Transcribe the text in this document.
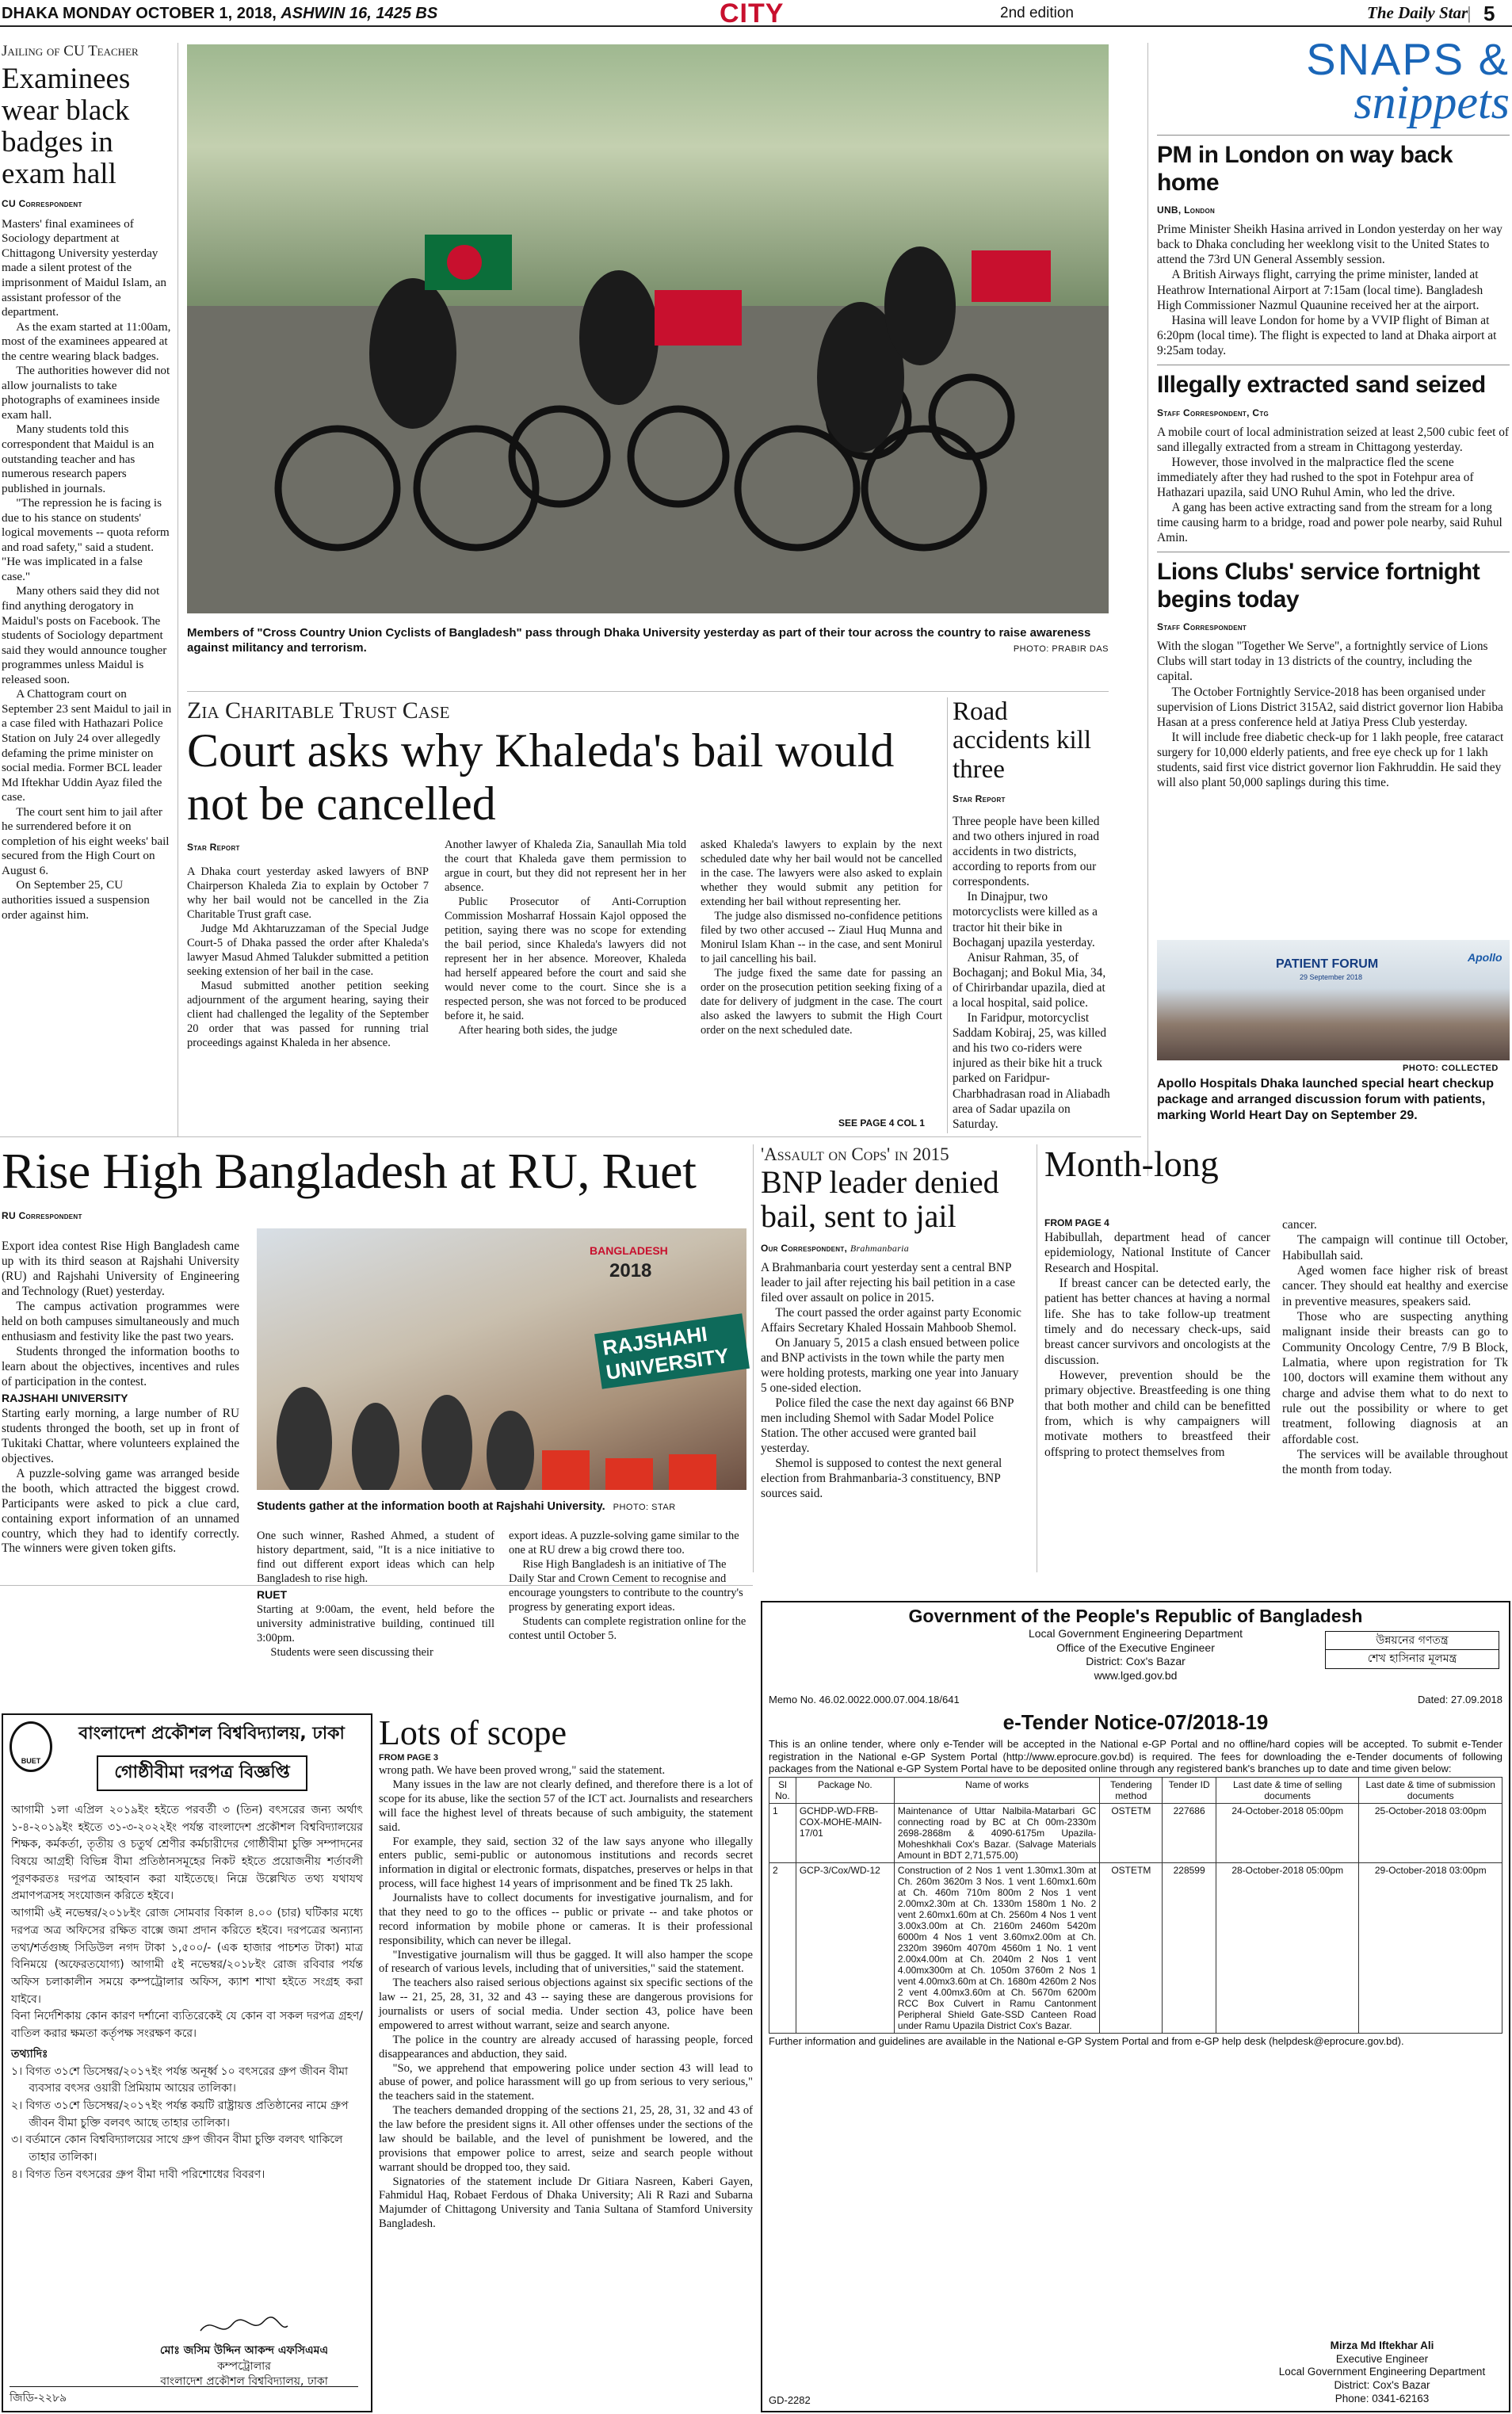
DHAKA MONDAY OCTOBER 1, 2018, ASHWIN 16, 1425 BS	CITY	2nd edition	The Daily Star
| 5
Jailing of CU Teacher
Examinees wear black badges in exam hall
CU Correspondent

Masters' final examinees of Sociology department at Chittagong University yesterday made a silent protest of the imprisonment of Maidul Islam, an assistant professor of the department.

As the exam started at 11:00am, most of the examinees appeared at the centre wearing black badges.

The authorities however did not allow journalists to take photographs of examinees inside exam hall.

Many students told this correspondent that Maidul is an outstanding teacher and has numerous research papers published in journals.

"The repression he is facing is due to his stance on students' logical movements -- quota reform and road safety," said a student. "He was implicated in a false case."

Many others said they did not find anything derogatory in Maidul's posts on Facebook. The students of Sociology department said they would announce tougher programmes unless Maidul is released soon.

A Chattogram court on September 23 sent Maidul to jail in a case filed with Hathazari Police Station on July 24 over allegedly defaming the prime minister on social media. Former BCL leader Md Iftekhar Uddin Ayaz filed the case.

The court sent him to jail after he surrendered before it on completion of his eight weeks' bail secured from the High Court on August 6.

On September 25, CU authorities issued a suspension order against him.

Members of "Cross Country Union Cyclists of Bangladesh" pass through Dhaka University yesterday as part of their tour across the country to raise awareness against militancy and terrorism.	PHOTO: PRABIR DAS
Zia Charitable Trust Case
Court asks why Khaleda's bail would not be cancelled
Star Report

A Dhaka court yesterday asked lawyers of BNP Chairperson Khaleda Zia to explain by October 7 why her bail would not be cancelled in the Zia Charitable Trust graft case.

Judge Md Akhtaruzzaman of the Special Judge Court-5 of Dhaka passed the order after Khaleda's lawyer Masud Ahmed Talukder submitted a petition seeking extension of her bail in the case.

Masud submitted another petition seeking adjournment of the argument hearing, saying their client had challenged the legality of the September 20 order that was passed for running trial proceedings against Khaleda in her absence.

Another lawyer of Khaleda Zia, Sanaullah Mia told the court that Khaleda gave them permission to argue in court, but they did not represent her in her absence.

Public Prosecutor of Anti-Corruption Commission Mosharraf Hossain Kajol opposed the petition, saying there was no scope for extending the bail period, since Khaleda's lawyers did not represent her in her absence. Moreover, Khaleda had herself appeared before the court and said she would never come to the court. Since she is a respected person, she was not forced to be produced before it, he said.

After hearing both sides, the judge

asked Khaleda's lawyers to explain by the next scheduled date why her bail would not be cancelled in the case. The lawyers were also asked to explain whether they would submit any petition for extending her bail without representing her.

The judge also dismissed no-confidence petitions filed by two other accused -- Ziaul Huq Munna and Monirul Islam Khan -- in the case, and sent Monirul to jail cancelling his bail.

The judge fixed the same date for passing an order on the prosecution petition seeking fixing of a date for delivery of judgment in the case. The court also asked the lawyers to submit the High Court order on the next scheduled date.

SEE PAGE 4 COL 1
Road accidents kill three
Star Report

Three people have been killed and two others injured in road accidents in two districts, according to reports from our correspondents.

In Dinajpur, two motorcyclists were killed as a tractor hit their bike in Bochaganj upazila yesterday.

Anisur Rahman, 35, of Bochaganj; and Bokul Mia, 34, of Chirirbandar upazila, died at a local hospital, said police.

In Faridpur, motorcyclist Saddam Kobiraj, 25, was killed and his two co-riders were injured as their bike hit a truck parked on Faridpur-Charbhadrasan road in Aliabadh area of Sadar upazila on Saturday.

SNAPS &
snippets
PM in London on way back home
UNB, London

Prime Minister Sheikh Hasina arrived in London yesterday on her way back to Dhaka concluding her weeklong visit to the United States to attend the 73rd UN General Assembly session.

A British Airways flight, carrying the prime minister, landed at Heathrow International Airport at 7:15am (local time). Bangladesh High Commissioner Nazmul Quaunine received her at the airport.

Hasina will leave London for home by a VVIP flight of Biman at 6:20pm (local time). The flight is expected to land at Dhaka airport at 9:25am today.

Illegally extracted sand seized
Staff Correspondent, Ctg

A mobile court of local administration seized at least 2,500 cubic feet of sand illegally extracted from a stream in Chittagong yesterday.

However, those involved in the malpractice fled the scene immediately after they had rushed to the spot in Fotehpur area of Hathazari upazila, said UNO Ruhul Amin, who led the drive.

A gang has been active extracting sand from the stream for a long time causing harm to a bridge, road and power pole nearby, said Ruhul Amin.

Lions Clubs' service fortnight begins today
Staff Correspondent

With the slogan "Together We Serve", a fortnightly service of Lions Clubs will start today in 13 districts of the country, including the capital.

The October Fortnightly Service-2018 has been organised under supervision of Lions District 315A2, said district governor lion Habiba Hasan at a press conference held at Jatiya Press Club yesterday.

It will include free diabetic check-up for 1 lakh people, free cataract surgery for 10,000 elderly patients, and free eye check up for 1 lakh students, said first vice district governor lion Fakhruddin. He said they will also plant 50,000 saplings during this time.

PATIENT FORUM
29 September 2018
Apollo
PHOTO: COLLECTED
Apollo Hospitals Dhaka launched special heart checkup package and arranged discussion forum with patients, marking World Heart Day on September 29.
Rise High Bangladesh at RU, Ruet
RU Correspondent

Export idea contest Rise High Bangladesh came up with its third season at Rajshahi University (RU) and Rajshahi University of Engineering and Technology (Ruet) yesterday.

The campus activation programmes were held on both campuses simultaneously and much enthusiasm and festivity like the past two years.

Students thronged the information booths to learn about the objectives, incentives and rules of participation in the contest.

RAJSHAHI UNIVERSITY

Starting early morning, a large number of RU students thronged the booth, set up in front of Tukitaki Chattar, where volunteers explained the objectives.

A puzzle-solving game was arranged beside the booth, which attracted the biggest crowd. Participants were asked to pick a clue card, containing export information of an unnamed country, which they had to identify correctly. The winners were given token gifts.

RAJSHAHI UNIVERSITY
BANGLADESH
2018
Students gather at the information booth at Rajshahi University. PHOTO: STAR

One such winner, Rashed Ahmed, a student of history department, said, "It is a nice initiative to find out different export ideas which can help Bangladesh to rise high.

RUET

Starting at 9:00am, the event, held before the university administrative building, continued till 3:00pm.

Students were seen discussing their

export ideas. A puzzle-solving game similar to the one at RU drew a big crowd there too.

Rise High Bangladesh is an initiative of The Daily Star and Crown Cement to recognise and encourage youngsters to contribute to the country's progress by generating export ideas.

Students can complete registration online for the contest until October 5.

'Assault on Cops' in 2015
BNP leader denied bail, sent to jail
Our Correspondent, Brahmanbaria

A Brahmanbaria court yesterday sent a central BNP leader to jail after rejecting his bail petition in a case filed over assault on police in 2015.

The court passed the order against party Economic Affairs Secretary Khaled Hossain Mahboob Shemol.

On January 5, 2015 a clash ensued between police and BNP activists in the town while the party men were holding protests, marking one year into January 5 one-sided election.

Police filed the case the next day against 66 BNP men including Shemol with Sadar Model Police Station. The other accused were granted bail yesterday.

Shemol is supposed to contest the next general election from Brahmanbaria-3 constituency, BNP sources said.

Month-long
FROM PAGE 4

Habibullah, department head of cancer epidemiology, National Institute of Cancer Research and Hospital.

If breast cancer can be detected early, the patient has better chances at having a normal life. She has to take follow-up treatment timely and do necessary check-ups, said breast cancer survivors and oncologists at the discussion.

However, prevention should be the primary objective. Breastfeeding is one thing that both mother and child can be benefitted from, which is why campaigners will motivate mothers to breastfeed their offspring to protect themselves from

cancer.

The campaign will continue till October, Habibullah said.

Aged women face higher risk of breast cancer. They should eat healthy and exercise in preventive measures, speakers said.

Those who are suspecting anything malignant inside their breasts can go to Community Oncology Centre, 7/9 B Block, Lalmatia, where upon registration for Tk 100, doctors will examine them without any charge and advise them what to do next to rule out the possibility or where to get treatment, following diagnosis at an affordable cost.

The services will be available throughout the month from today.

Government of the People's Republic of Bangladesh
Local Government Engineering Department
Office of the Executive Engineer
District: Cox's Bazar
www.lged.gov.bd
উন্নয়নের গণতন্ত্র
শেখ হাসিনার মূলমন্ত্র
Memo No. 46.02.0022.000.07.004.18/641	Dated: 27.09.2018
e-Tender Notice-07/2018-19
This is an online tender, where only e-Tender will be accepted in the National e-GP Portal and no offline/hard copies will be accepted. To submit e-Tender registration in the National e-GP System Portal (http://www.eprocure.gov.bd) is required. The fees for downloading the e-Tender documents of following packages from the National e-GP System Portal have to be deposited online through any registered bank's branches up to date and time given below:
Sl No.	Package No.	Name of works	Tendering method	Tender ID	Last date & time of selling documents	Last date & time of submission documents
1	GCHDP-WD-FRB-COX-MOHE-MAIN-17/01	Maintenance of Uttar Nalbila-Matarbari GC connecting road by BC at Ch 00m-2330m 2698-2868m & 4090-6175m Upazila-Moheshkhali Cox's Bazar. (Salvage Materials Amount in BDT 2,71,575.00)	OSTETM	227686	24-October-2018 05:00pm	25-October-2018 03:00pm
2	GCP-3/Cox/WD-12	Construction of 2 Nos 1 vent 1.30mx1.30m at Ch. 260m 3620m 3 Nos. 1 vent 1.60mx1.60m at Ch. 460m 710m 800m 2 Nos 1 vent 2.00mx2.30m at Ch. 1330m 1580m 1 No. 2 vent 2.60mx1.60m at Ch. 2560m 4 Nos 1 vent 3.00x3.00m at Ch. 2160m 2460m 5420m 6000m 4 Nos 1 vent 3.60mx2.00m at Ch. 2320m 3960m 4070m 4560m 1 No. 1 vent 2.00x4.00m at Ch. 2040m 2 Nos 1 vent 4.00mx300m at Ch. 1050m 3760m 2 Nos 1 vent 4.00mx3.60m at Ch. 1680m 4260m 2 Nos 2 vent 4.00mx3.60m at Ch. 5670m 6200m RCC Box Culvert in Ramu Cantonment Peripheral Shield Gate-SSD Canteen Road under Ramu Upazila District Cox's Bazar.	OSTETM	228599	28-October-2018 05:00pm	29-October-2018 03:00pm
Further information and guidelines are available in the National e-GP System Portal and from e-GP help desk (helpdesk@eprocure.gov.bd).
Mirza Md Iftekhar Ali
Executive Engineer
Local Government Engineering Department
District: Cox's Bazar
Phone: 0341-62163
GD-2282
BUET
বাংলাদেশ প্রকৌশল বিশ্ববিদ্যালয়, ঢাকা
গোষ্ঠীবীমা দরপত্র বিজ্ঞপ্তি

আগামী ১লা এপ্রিল ২০১৯ইং হইতে পরবর্তী ৩ (তিন) বৎসরের জন্য অর্থাৎ ১-৪-২০১৯ইং হইতে ৩১-৩-২০২২ইং পর্যন্ত বাংলাদেশ প্রকৌশল বিশ্ববিদ্যালয়ের শিক্ষক, কর্মকর্তা, তৃতীয় ও চতুর্থ শ্রেণীর কর্মচারীদের গোষ্ঠীবীমা চুক্তি সম্পাদনের বিষয়ে আগ্রহী বিভিন্ন বীমা প্রতিষ্ঠানসমূহের নিকট হইতে প্রয়োজনীয় শর্তাবলী পূরণকরতঃ দরপত্র আহবান করা যাইতেছে। নিম্নে উল্লেখিত তথ্য যথাযথ প্রমাণপত্রসহ সংযোজন করিতে হইবে।

আগামী ৬ই নভেম্বর/২০১৮ইং রোজ সোমবার বিকাল ৪.০০ (চার) ঘটিকার মধ্যে দরপত্র অত্র অফিসের রক্ষিত বাক্সে জমা প্রদান করিতে হইবে। দরপত্রের অন্যান্য তথ্য/শর্তগুচ্ছ সিডিউল নগদ টাকা ১,৫০০/- (এক হাজার পাচশত টাকা) মাত্র বিনিময়ে (অফেরতযোগ্য) আগামী ৫ই নভেম্বর/২০১৮ইং রোজ রবিবার পর্যন্ত অফিস চলাকালীন সময়ে কম্পট্রোলার অফিস, ক্যাশ শাখা হইতে সংগ্রহ করা যাইবে।

বিনা নির্দেশিকায় কোন কারণ দর্শানো ব্যতিরেকেই যে কোন বা সকল দরপত্র গ্রহণ/বাতিল করার ক্ষমতা কর্তৃপক্ষ সংরক্ষণ করে।

তথ্যাদিঃ
১। বিগত ৩১শে ডিসেম্বর/২০১৭ইং পর্যন্ত অনূর্ধ্ব ১০ বৎসরের গ্রুপ জীবন বীমা ব্যবসার বৎসর ওয়ারী প্রিমিয়াম আয়ের তালিকা।
২। বিগত ৩১শে ডিসেম্বর/২০১৭ইং পর্যন্ত কয়টি রাষ্ট্রায়ত্ত প্রতিষ্ঠানের নামে গ্রুপ জীবন বীমা চুক্তি বলবৎ আছে তাহার তালিকা।
৩। বর্তমানে কোন বিশ্ববিদ্যালয়ের সাথে গ্রুপ জীবন বীমা চুক্তি বলবৎ থাকিলে তাহার তালিকা।
৪। বিগত তিন বৎসরের গ্রুপ বীমা দাবী পরিশোধের বিবরণ।
মোঃ জসিম উদ্দিন আকন্দ এফসিএমএ
কম্পট্রোলার
বাংলাদেশ প্রকৌশল বিশ্ববিদ্যালয়, ঢাকা
জিডি-২২৮৯
Lots of scope
FROM PAGE 3

wrong path. We have been proved wrong," said the statement.

Many issues in the law are not clearly defined, and therefore there is a lot of scope for its abuse, like the section 57 of the ICT act. Journalists and researchers will face the highest level of threats because of such ambiguity, the statement said.

For example, they said, section 32 of the law says anyone who illegally enters public, semi-public or autonomous institutions and records secret information in digital or electronic formats, dispatches, preserves or helps in that process, will face highest 14 years of imprisonment and be fined Tk 25 lakh.

Journalists have to collect documents for investigative journalism, and for that they need to go to the offices -- public or private -- and take photos or record information by mobile phone or cameras. It is their professional responsibility, which can never be illegal.

"Investigative journalism will thus be gagged. It will also hamper the scope of research of various levels, including that of universities," said the statement.

The teachers also raised serious objections against six specific sections of the law -- 21, 25, 28, 31, 32 and 43 -- saying these are dangerous provisions for journalists or users of social media. Under section 43, police have been empowered to arrest without warrant, seize and search anyone.

The police in the country are already accused of harassing people, forced disappearances and abduction, they said.

"So, we apprehend that empowering police under section 43 will lead to abuse of power, and police harassment will go up from serious to very serious," the teachers said in the statement.

The teachers demanded dropping of the sections 21, 25, 28, 31, 32 and 43 of the law before the president signs it. All other offenses under the sections of the law should be bailable, and the level of punishment be lowered, and the provisions that empower police to arrest, seize and search people without warrant should be dropped too, they said.

Signatories of the statement include Dr Gitiara Nasreen, Kaberi Gayen, Fahmidul Haq, Robaet Ferdous of Dhaka University; Ali R Razi and Subarna Majumder of Chittagong University and Tania Sultana of Stamford University Bangladesh.
